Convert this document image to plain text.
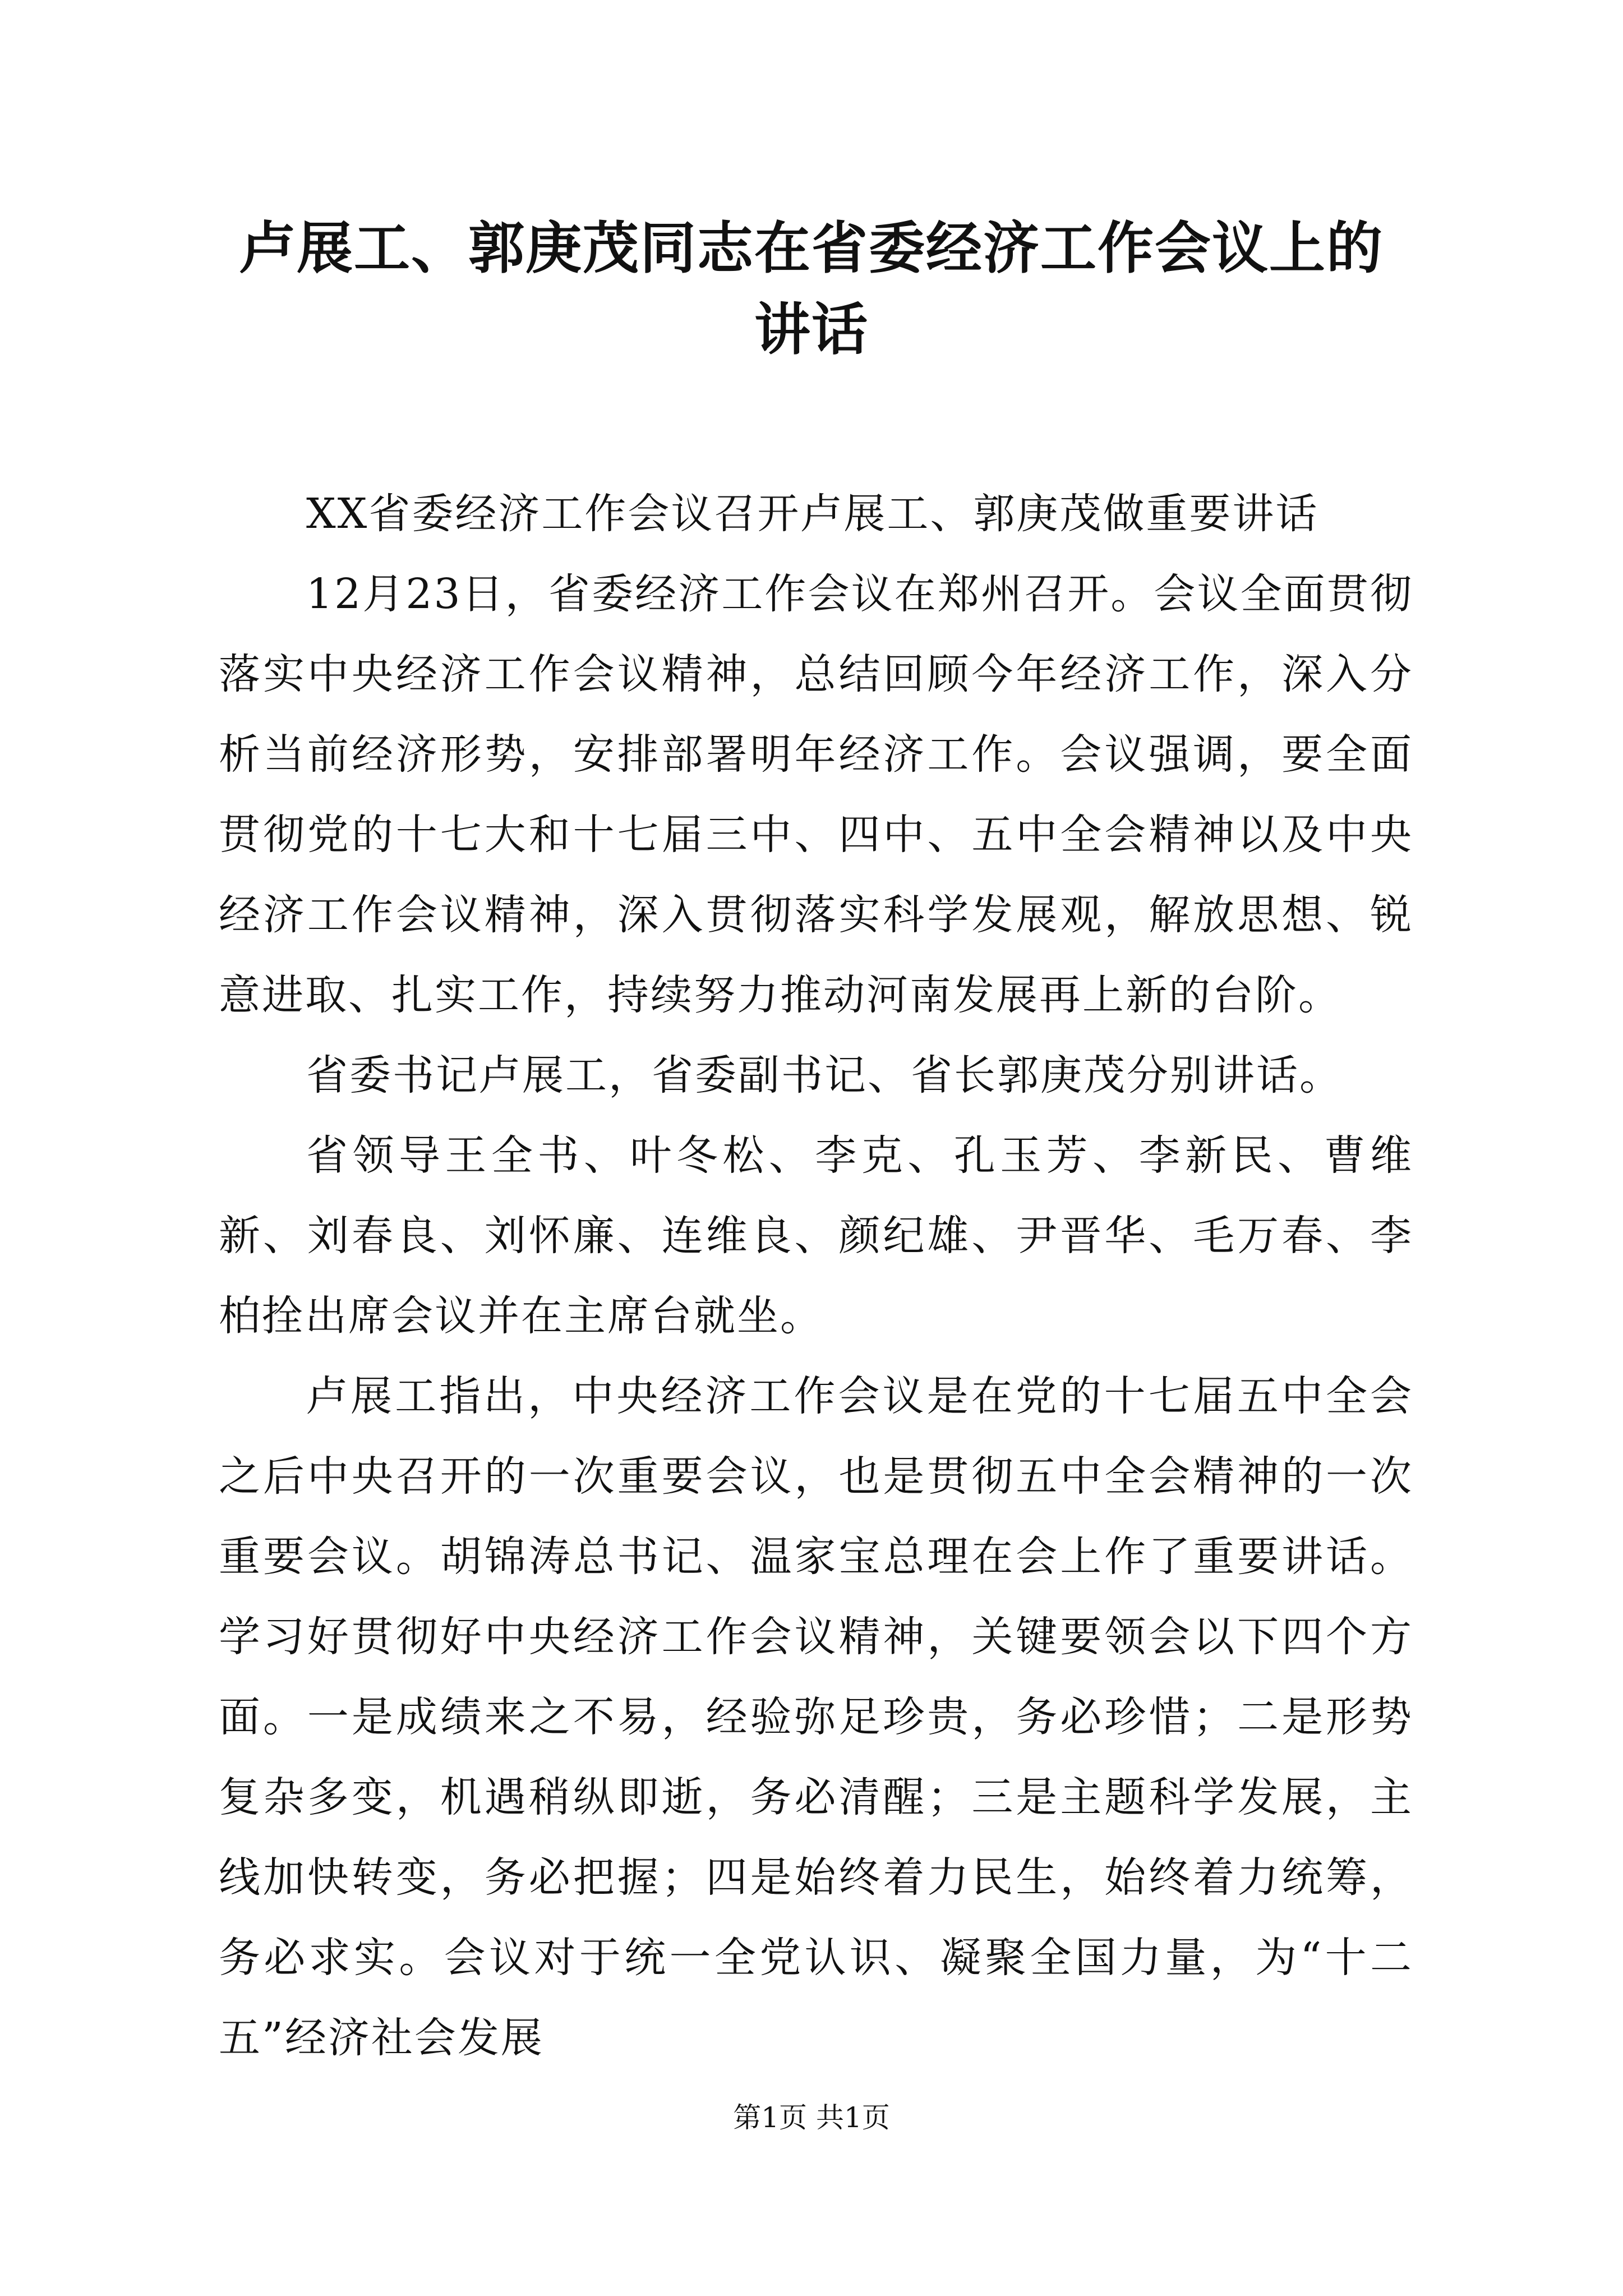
卢展工、郭庚茂同志在省委经济工作会议上的
讲话

XX省委经济工作会议召开卢展工、郭庚茂做重要讲话

12月23日，省委经济工作会议在郑州召开。会议全面贯彻落实中央经济工作会议精神，总结回顾今年经济工作，深入分析当前经济形势，安排部署明年经济工作。会议强调，要全面贯彻党的十七大和十七届三中、四中、五中全会精神以及中央经济工作会议精神，深入贯彻落实科学发展观，解放思想、锐意进取、扎实工作，持续努力推动河南发展再上新的台阶。

省委书记卢展工，省委副书记、省长郭庚茂分别讲话。

省领导王全书、叶冬松、李克、孔玉芳、李新民、曹维新、刘春良、刘怀廉、连维良、颜纪雄、尹晋华、毛万春、李柏拴出席会议并在主席台就坐。

卢展工指出，中央经济工作会议是在党的十七届五中全会之后中央召开的一次重要会议，也是贯彻五中全会精神的一次重要会议。胡锦涛总书记、温家宝总理在会上作了重要讲话。学习好贯彻好中央经济工作会议精神，关键要领会以下四个方面。一是成绩来之不易，经验弥足珍贵，务必珍惜；二是形势复杂多变，机遇稍纵即逝，务必清醒；三是主题科学发展，主线加快转变，务必把握；四是始终着力民生，始终着力统筹，务必求实。会议对于统一全党认识、凝聚全国力量，为“十二五”经济社会发展

第1页 共1页
